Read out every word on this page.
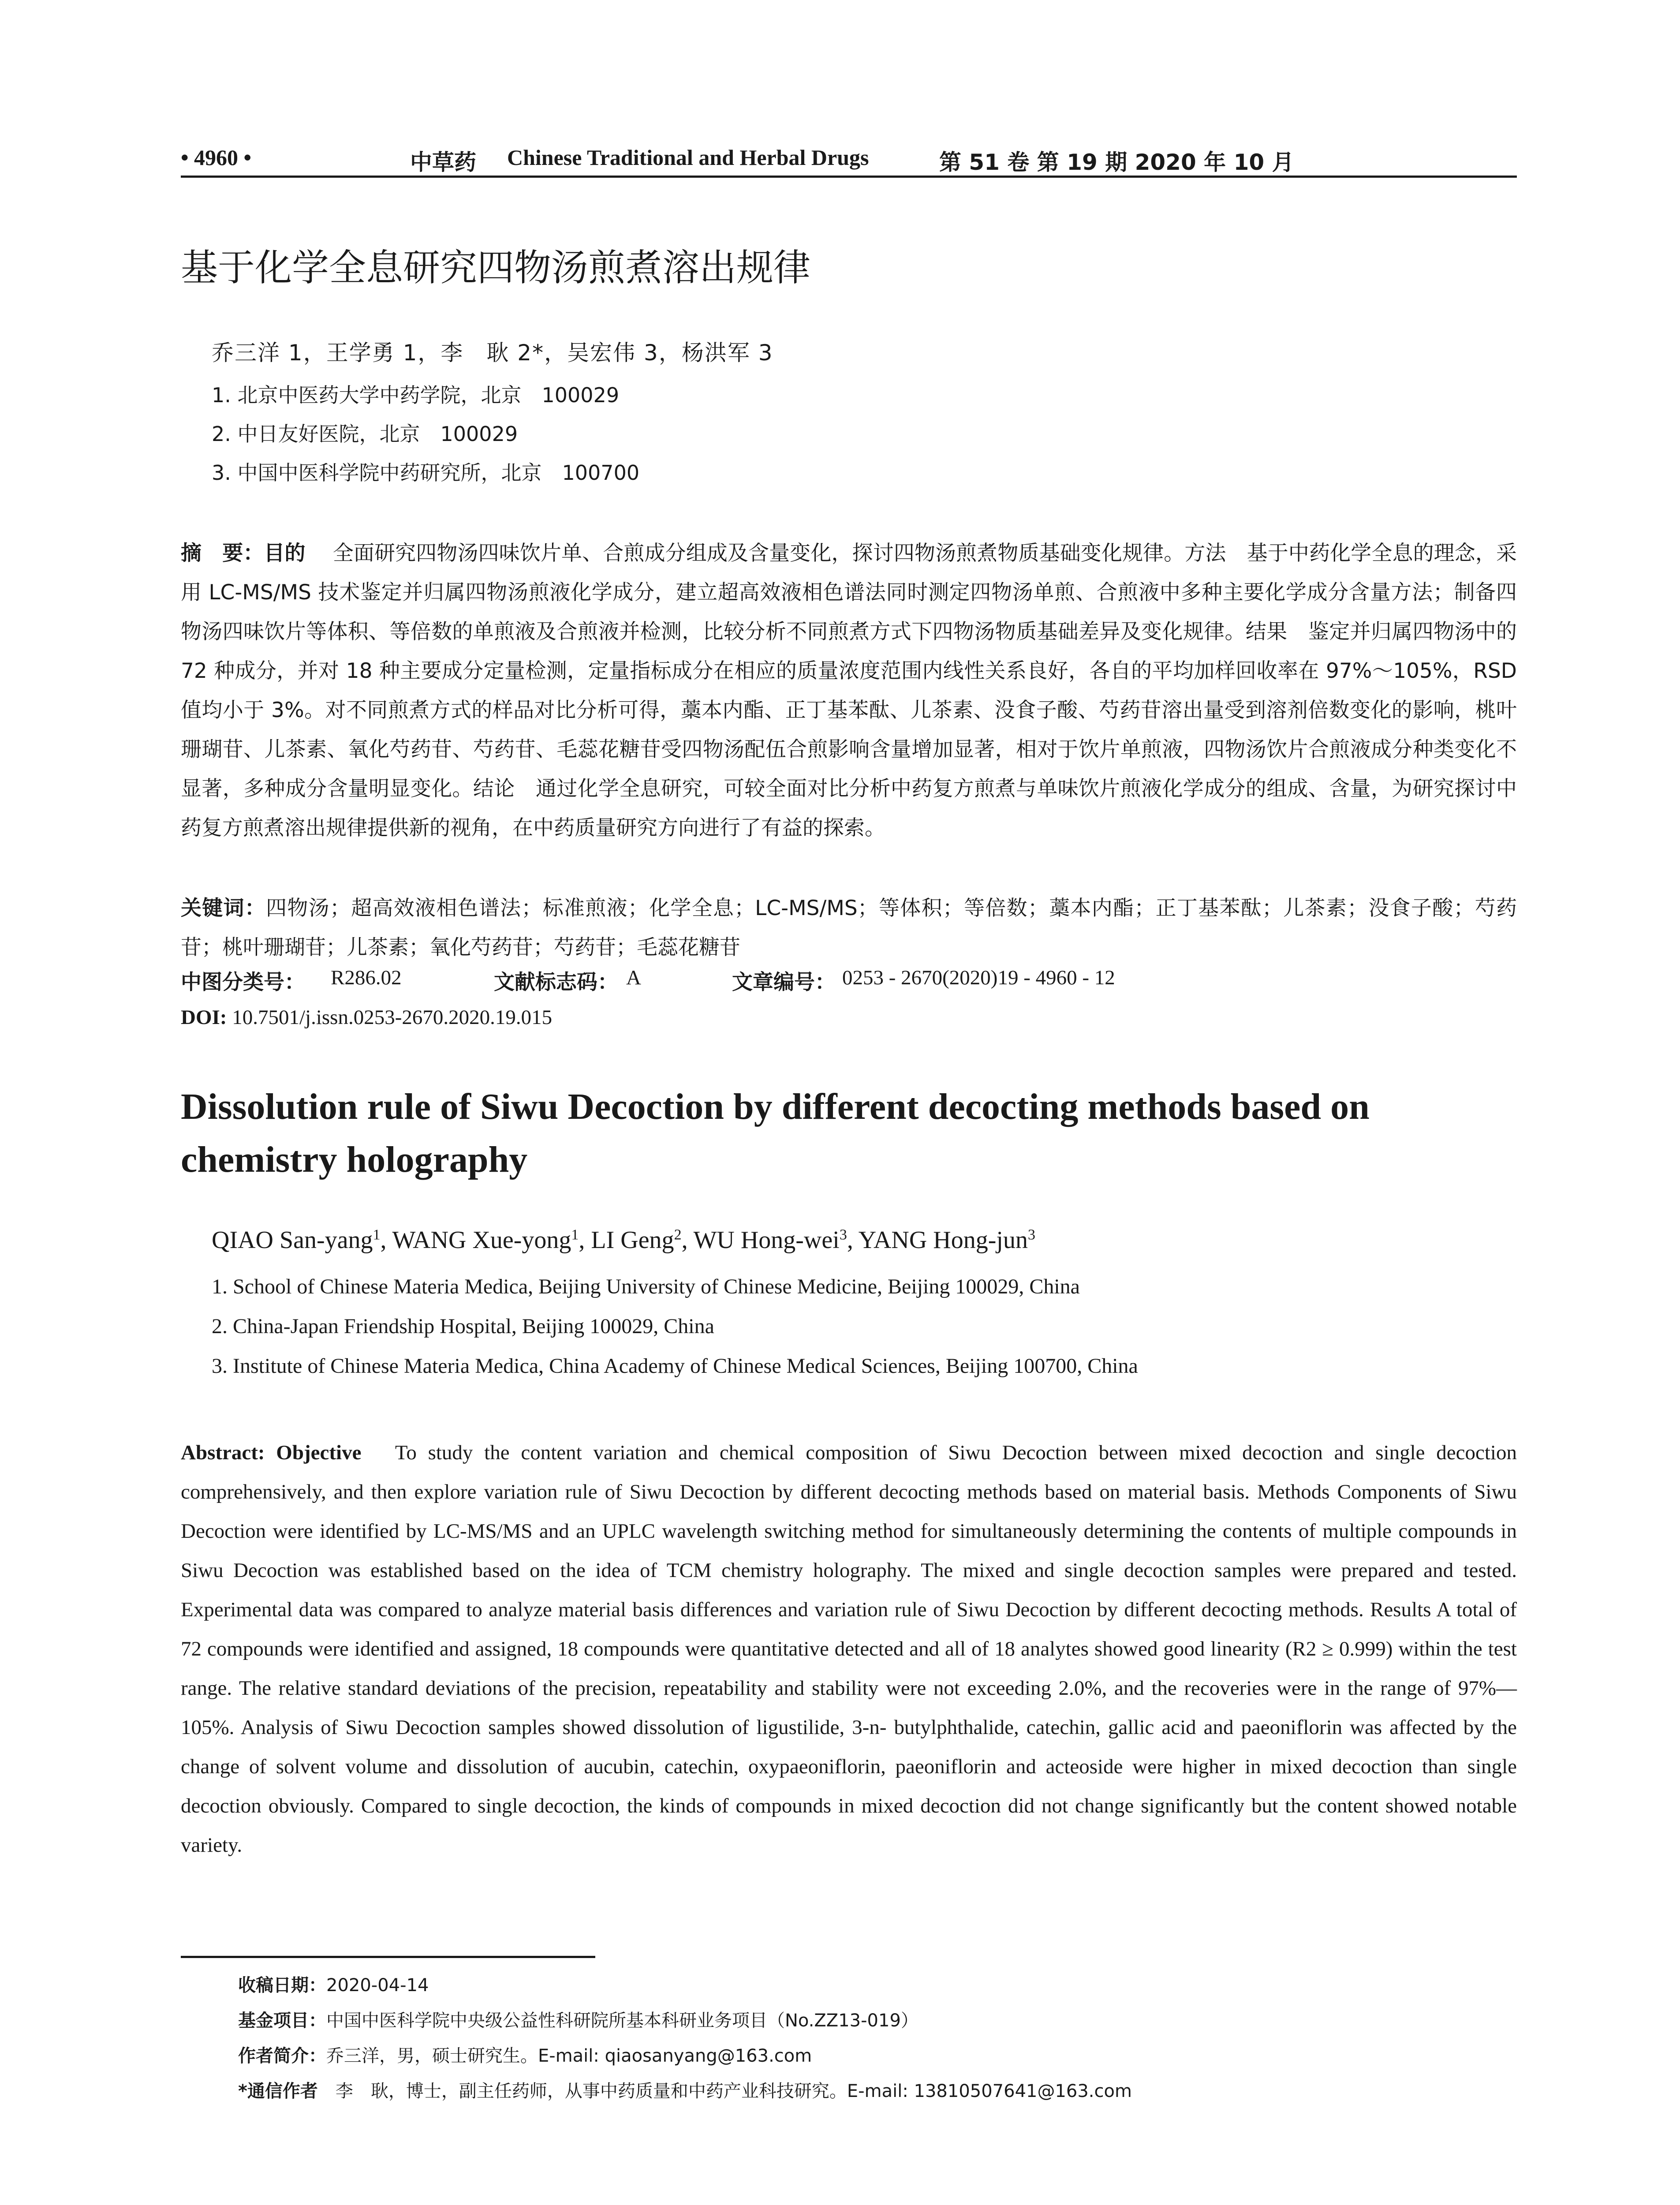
• 4960 •	中草药 Chinese Traditional and Herbal Drugs	第 51 卷 第 19 期 2020 年 10 月
基于化学全息研究四物汤煎煮溶出规律
乔三洋 1，王学勇 1，李　耿 2*，吴宏伟 3，杨洪军 3
1. 北京中医药大学中药学院，北京　100029
2. 中日友好医院，北京　100029
3. 中国中医科学院中药研究所，北京　100700
摘　要：目的　 全面研究四物汤四味饮片单、合煎成分组成及含量变化，探讨四物汤煎煮物质基础变化规律。方法　基于中药化学全息的理念，采用 LC-MS/MS 技术鉴定并归属四物汤煎液化学成分，建立超高效液相色谱法同时测定四物汤单煎、合煎液中多种主要化学成分含量方法；制备四物汤四味饮片等体积、等倍数的单煎液及合煎液并检测，比较分析不同煎煮方式下四物汤物质基础差异及变化规律。结果　鉴定并归属四物汤中的 72 种成分，并对 18 种主要成分定量检测，定量指标成分在相应的质量浓度范围内线性关系良好，各自的平均加样回收率在 97%～105%，RSD 值均小于 3%。对不同煎煮方式的样品对比分析可得，藁本内酯、正丁基苯酞、儿茶素、没食子酸、芍药苷溶出量受到溶剂倍数变化的影响，桃叶珊瑚苷、儿茶素、氧化芍药苷、芍药苷、毛蕊花糖苷受四物汤配伍合煎影响含量增加显著，相对于饮片单煎液，四物汤饮片合煎液成分种类变化不显著，多种成分含量明显变化。结论　通过化学全息研究，可较全面对比分析中药复方煎煮与单味饮片煎液化学成分的组成、含量，为研究探讨中药复方煎煮溶出规律提供新的视角，在中药质量研究方向进行了有益的探索。
关键词：四物汤；超高效液相色谱法；标准煎液；化学全息；LC-MS/MS；等体积；等倍数；藁本内酯；正丁基苯酞；儿茶素；没食子酸；芍药苷；桃叶珊瑚苷；儿茶素；氧化芍药苷；芍药苷；毛蕊花糖苷
中图分类号： R286.02	文献标志码： A	文章编号： 0253 - 2670(2020)19 - 4960 - 12
DOI: 10.7501/j.issn.0253-2670.2020.19.015
Dissolution rule of Siwu Decoction by different decocting methods based on chemistry holography
QIAO San-yang$^1$, WANG Xue-yong$^1$, LI Geng$^2$, WU Hong-wei$^3$, YANG Hong-jun$^3$
1. School of Chinese Materia Medica, Beijing University of Chinese Medicine, Beijing 100029, China
2. China-Japan Friendship Hospital, Beijing 100029, China
3. Institute of Chinese Materia Medica, China Academy of Chinese Medical Sciences, Beijing 100700, China
Abstract: Objective To study the content variation and chemical composition of Siwu Decoction between mixed decoction and single decoction comprehensively, and then explore variation rule of Siwu Decoction by different decocting methods based on material basis. Methods Components of Siwu Decoction were identified by LC-MS/MS and an UPLC wavelength switching method for simultaneously determining the contents of multiple compounds in Siwu Decoction was established based on the idea of TCM chemistry holography. The mixed and single decoction samples were prepared and tested. Experimental data was compared to analyze material basis differences and variation rule of Siwu Decoction by different decocting methods. Results A total of 72 compounds were identified and assigned, 18 compounds were quantitative detected and all of 18 analytes showed good linearity (R2 ≥ 0.999) within the test range. The relative standard deviations of the precision, repeatability and stability were not exceeding 2.0%, and the recoveries were in the range of 97%—105%. Analysis of Siwu Decoction samples showed dissolution of ligustilide, 3-n- butylphthalide, catechin, gallic acid and paeoniflorin was affected by the change of solvent volume and dissolution of aucubin, catechin, oxypaeoniflorin, paeoniflorin and acteoside were higher in mixed decoction than single decoction obviously. Compared to single decoction, the kinds of compounds in mixed decoction did not change significantly but the content showed notable variety.
收稿日期：2020-04-14
基金项目：中国中医科学院中央级公益性科研院所基本科研业务项目（No.ZZ13-019）
作者简介：乔三洋，男，硕士研究生。E-mail: qiaosanyang@163.com
*通信作者　李　耿，博士，副主任药师，从事中药质量和中药产业科技研究。E-mail: 13810507641@163.com
